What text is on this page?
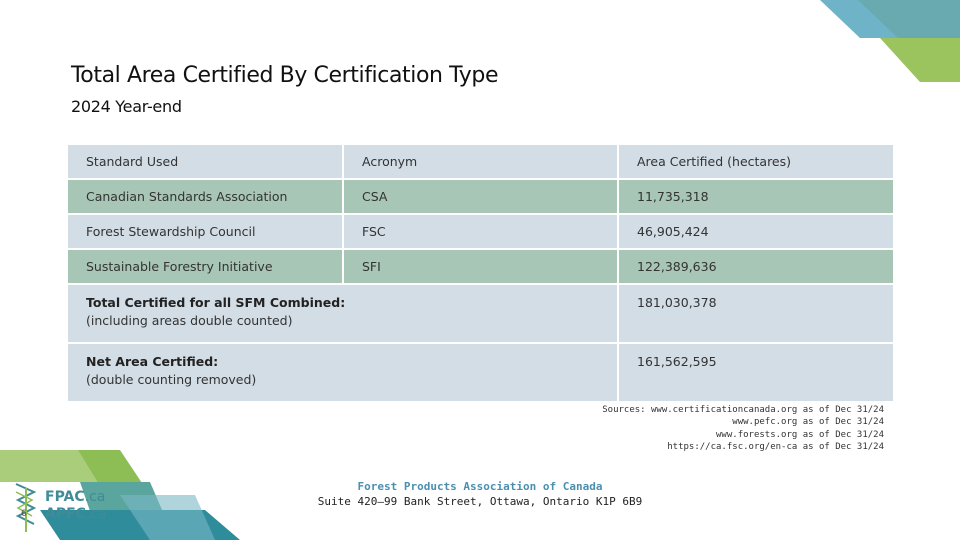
Total Area Certified By Certification Type
2024 Year-end
Standard Used	Acronym	Area Certified (hectares)
Canadian Standards Association	CSA	11,735,318
Forest Stewardship Council	FSC	46,905,424
Sustainable Forestry Initiative	SFI	122,389,636

Total Certified for all SFM Combined:
(including areas double counted)		181,030,378

Net Area Certified:
(double counting removed)		161,562,595
Sources: www.certificationcanada.org as of Dec 31/24
www.pefc.org as of Dec 31/24
www.forests.org as of Dec 31/24
https://ca.fsc.org/en-ca as of Dec 31/24
Forest Products Association of Canada
Suite 420–99 Bank Street, Ottawa, Ontario K1P 6B9
FPAC.ca
APFC.ca
6
